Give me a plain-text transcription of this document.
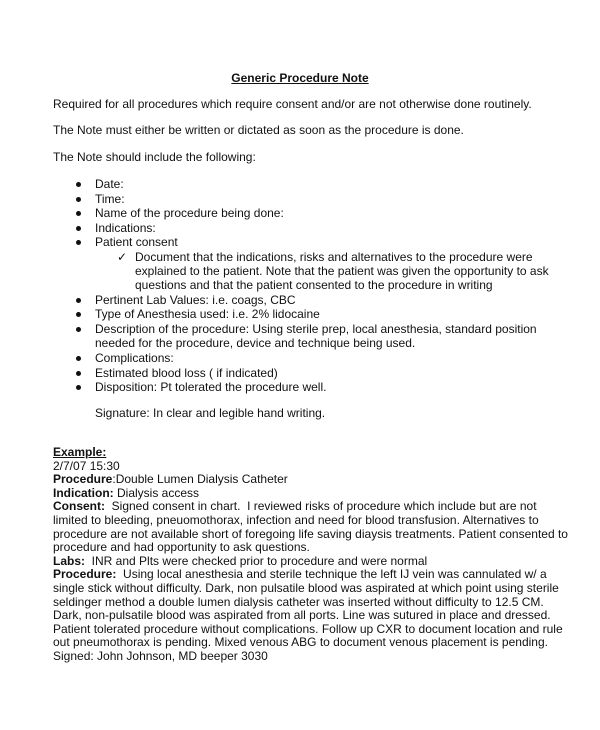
Generic Procedure Note
Required for all procedures which require consent and/or are not otherwise done routinely.
The Note must either be written or dictated as soon as the procedure is done.
The Note should include the following:
Date:
Time:
Name of the procedure being done:
Indications:
Patient consent
✓ Document that the indications, risks and alternatives to the procedure were
explained to the patient. Note that the patient was given the opportunity to ask
questions and that the patient consented to the procedure in writing
Pertinent Lab Values: i.e. coags, CBC
Type of Anesthesia used: i.e. 2% lidocaine
Description of the procedure: Using sterile prep, local anesthesia, standard position
needed for the procedure, device and technique being used.
Complications:
Estimated blood loss ( if indicated)
Disposition: Pt tolerated the procedure well.
Signature: In clear and legible hand writing.
Example:
2/7/07 15:30
Procedure:Double Lumen Dialysis Catheter
Indication: Dialysis access
Consent:  Signed consent in chart.  I reviewed risks of procedure which include but are not
limited to bleeding, pneuomothorax, infection and need for blood transfusion. Alternatives to
procedure are not available short of foregoing life saving diaysis treatments. Patient consented to
procedure and had opportunity to ask questions.
Labs:  INR and Plts were checked prior to procedure and were normal
Procedure:  Using local anesthesia and sterile technique the left IJ vein was cannulated w/ a
single stick without difficulty. Dark, non pulsatile blood was aspirated at which point using sterile
seldinger method a double lumen dialysis catheter was inserted without difficulty to 12.5 CM.
Dark, non-pulsatile blood was aspirated from all ports. Line was sutured in place and dressed.
Patient tolerated procedure without complications. Follow up CXR to document location and rule
out pneumothorax is pending. Mixed venous ABG to document venous placement is pending.
Signed: John Johnson, MD beeper 3030
